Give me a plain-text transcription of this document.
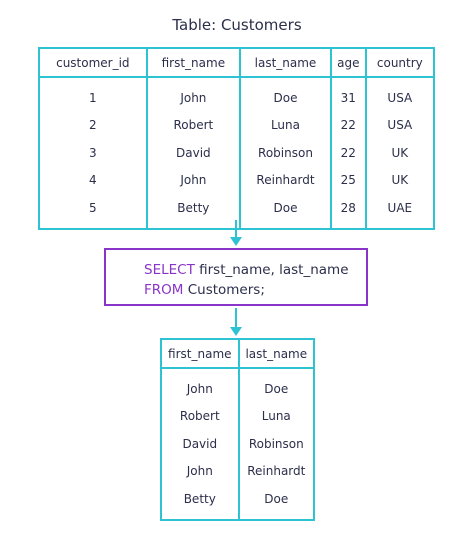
Table: Customers
customer_id	first_name	last_name	age	country
1	John	Doe	31	USA
2	Robert	Luna	22	USA
3	David	Robinson	22	UK
4	John	Reinhardt	25	UK
5	Betty	Doe	28	UAE
SELECT first_name, last_name
FROM Customers;
first_name	last_name
John	Doe
Robert	Luna
David	Robinson
John	Reinhardt
Betty	Doe
